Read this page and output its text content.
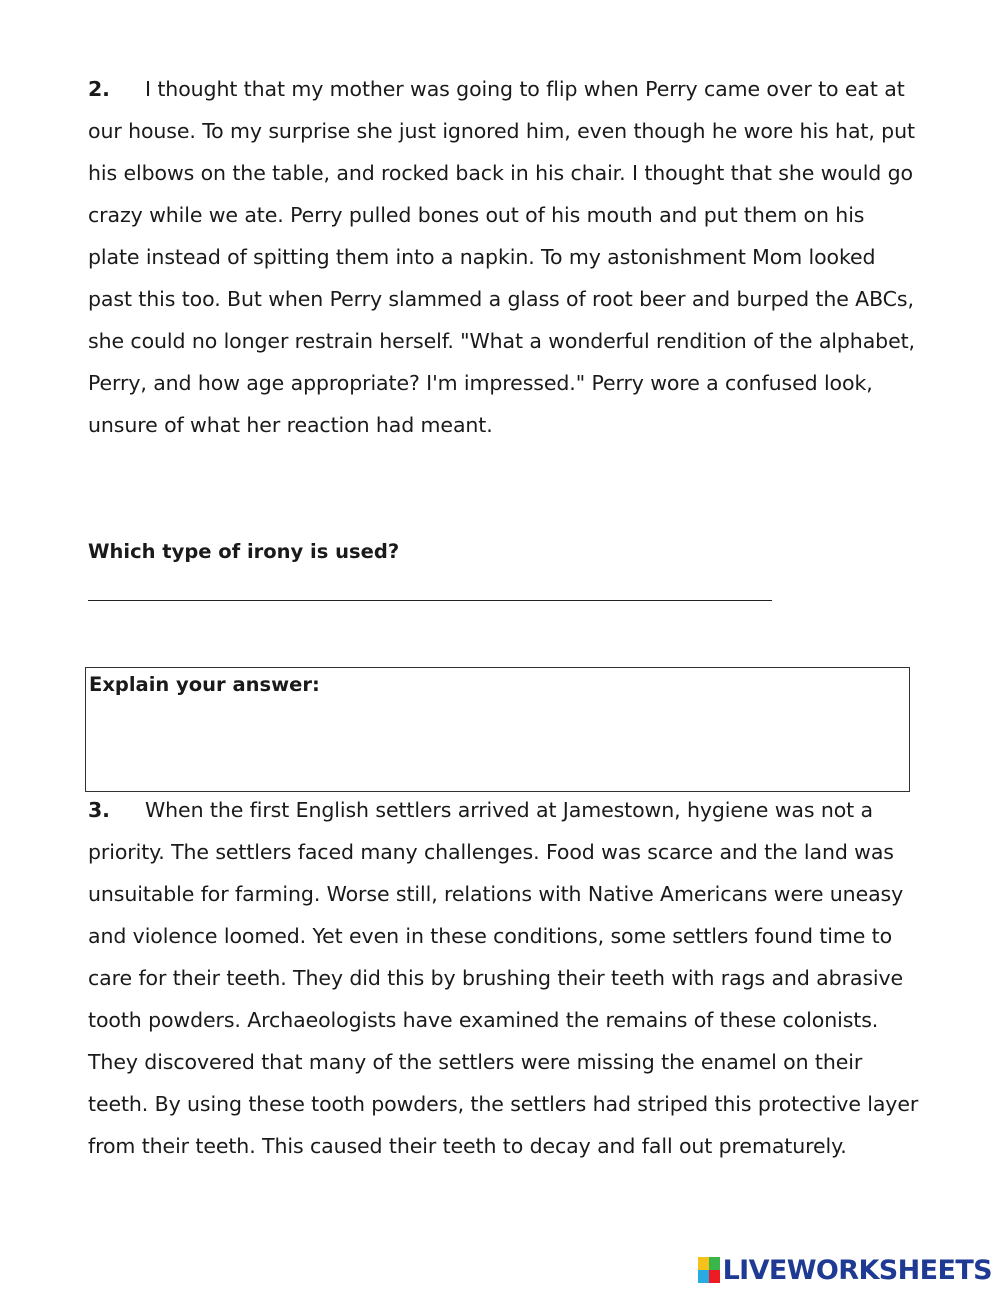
2. I thought that my mother was going to flip when Perry came over to eat at our house. To my surprise she just ignored him, even though he wore his hat, put his elbows on the table, and rocked back in his chair. I thought that she would go crazy while we ate. Perry pulled bones out of his mouth and put them on his plate instead of spitting them into a napkin. To my astonishment Mom looked past this too. But when Perry slammed a glass of root beer and burped the ABCs, she could no longer restrain herself. "What a wonderful rendition of the alphabet, Perry, and how age appropriate? I'm impressed." Perry wore a confused look, unsure of what her reaction had meant.
Which type of irony is used?
Explain your answer:
3. When the first English settlers arrived at Jamestown, hygiene was not a priority. The settlers faced many challenges. Food was scarce and the land was unsuitable for farming. Worse still, relations with Native Americans were uneasy and violence loomed. Yet even in these conditions, some settlers found time to care for their teeth. They did this by brushing their teeth with rags and abrasive tooth powders. Archaeologists have examined the remains of these colonists. They discovered that many of the settlers were missing the enamel on their teeth. By using these tooth powders, the settlers had striped this protective layer from their teeth. This caused their teeth to decay and fall out prematurely.
LIVEWORKSHEETS
